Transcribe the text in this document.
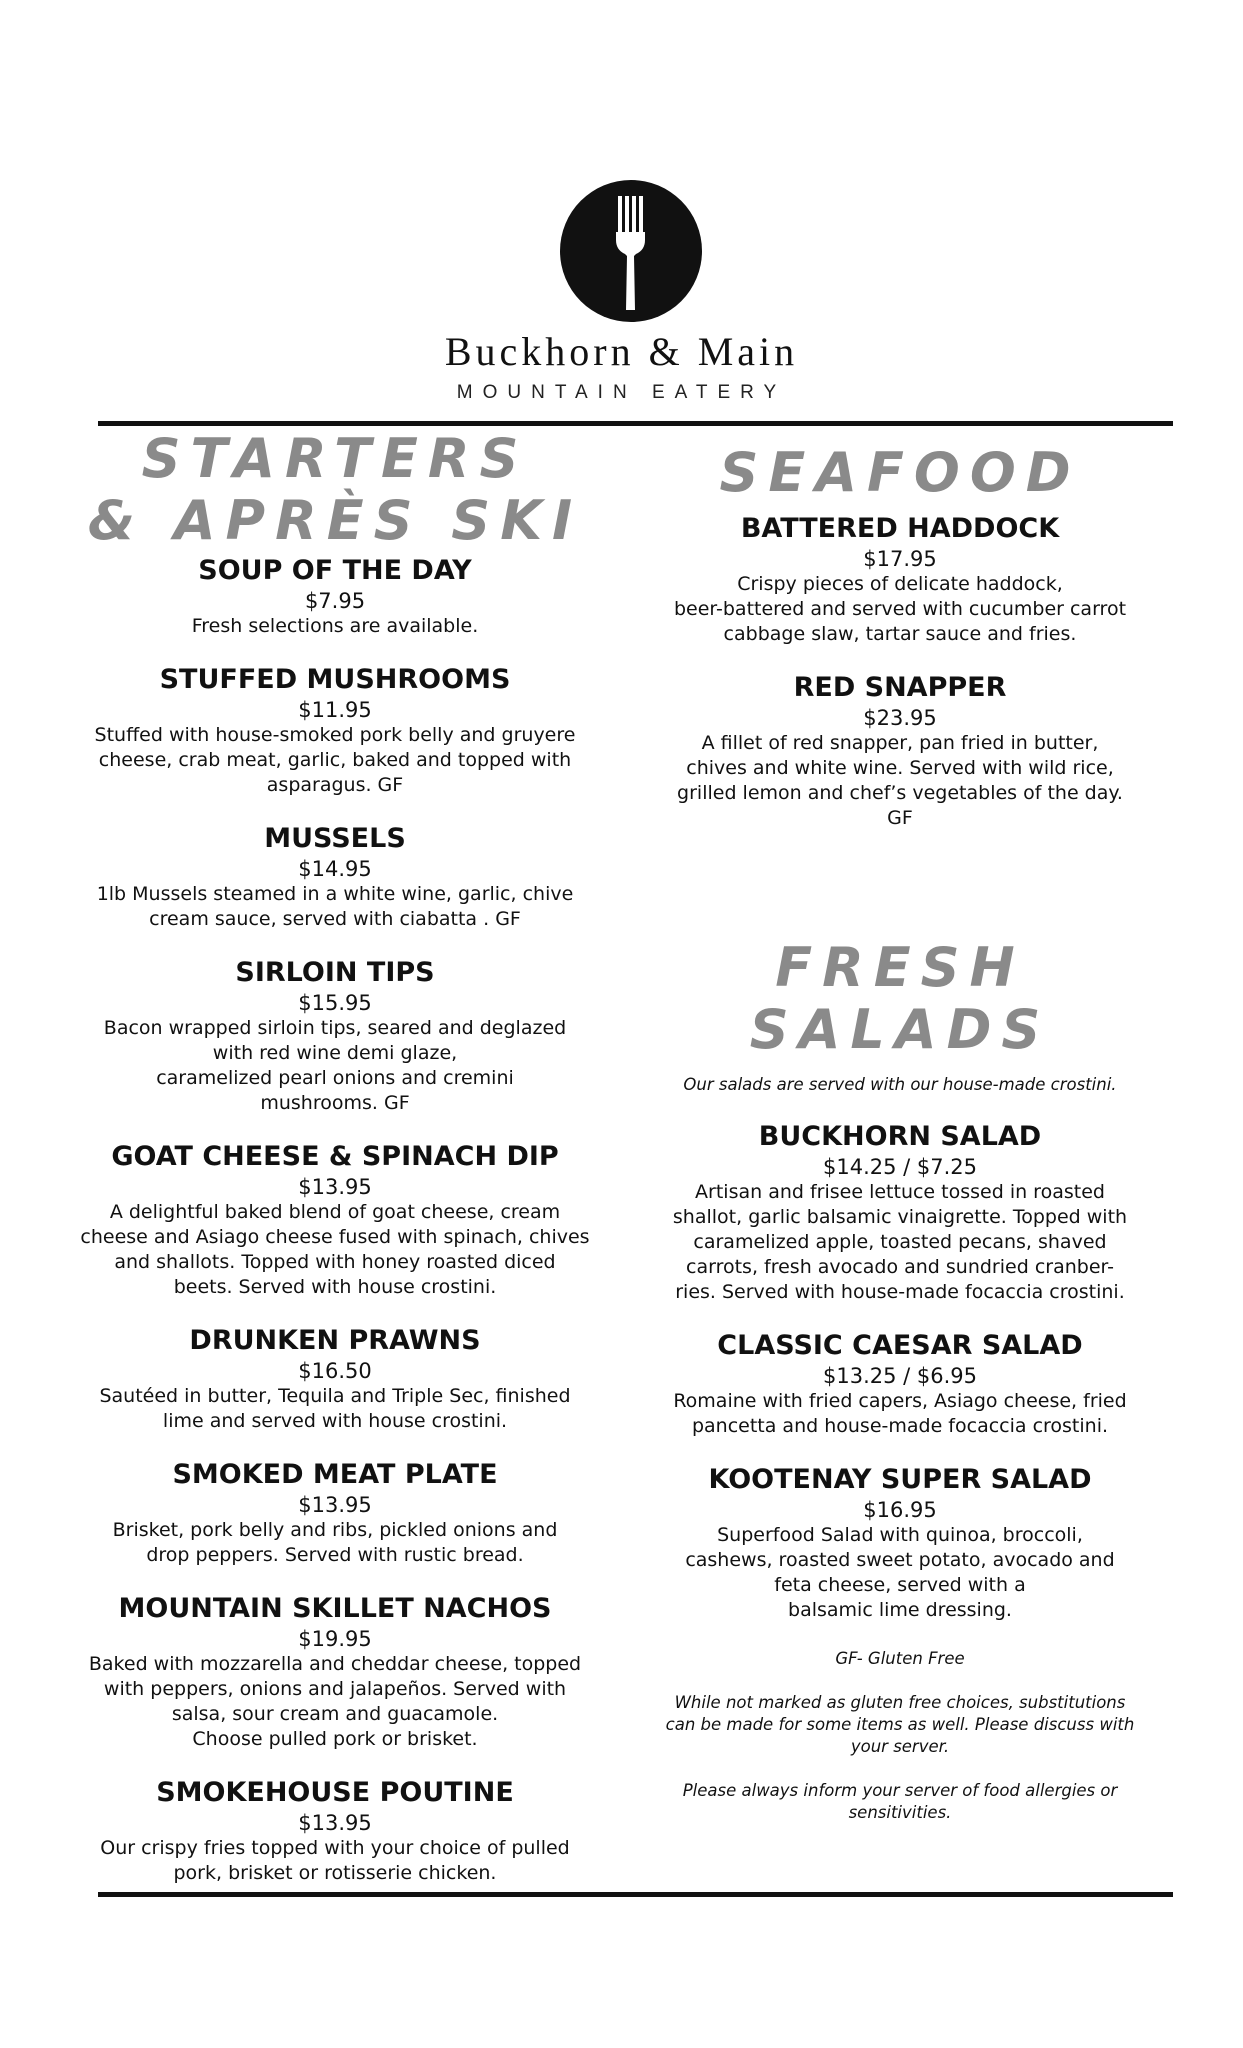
Buckhorn & Main
MOUNTAIN EATERY
STARTERS
& APRÈS SKI
SOUP OF THE DAY
$7.95
Fresh selections are available.
STUFFED MUSHROOMS
$11.95
Stuffed with house-smoked pork belly and gruyere
cheese, crab meat, garlic, baked and topped with
asparagus. GF
MUSSELS
$14.95
1lb Mussels steamed in a white wine, garlic, chive
cream sauce, served with ciabatta . GF
SIRLOIN TIPS
$15.95
Bacon wrapped sirloin tips, seared and deglazed
with red wine demi glaze,
caramelized pearl onions and cremini
mushrooms. GF
GOAT CHEESE & SPINACH DIP
$13.95
A delightful baked blend of goat cheese, cream
cheese and Asiago cheese fused with spinach, chives
and shallots. Topped with honey roasted diced
beets. Served with house crostini.
DRUNKEN PRAWNS
$16.50
Sautéed in butter, Tequila and Triple Sec, finished
lime and served with house crostini.
SMOKED MEAT PLATE
$13.95
Brisket, pork belly and ribs, pickled onions and
drop peppers. Served with rustic bread.
MOUNTAIN SKILLET NACHOS
$19.95
Baked with mozzarella and cheddar cheese, topped
with peppers, onions and jalapeños. Served with
salsa, sour cream and guacamole.
Choose pulled pork or brisket.
SMOKEHOUSE POUTINE
$13.95
Our crispy fries topped with your choice of pulled
pork, brisket or rotisserie chicken.
SEAFOOD
BATTERED HADDOCK
$17.95
Crispy pieces of delicate haddock,
beer-battered and served with cucumber carrot
cabbage slaw, tartar sauce and fries.
RED SNAPPER
$23.95
A fillet of red snapper, pan fried in butter,
chives and white wine. Served with wild rice,
grilled lemon and chef’s vegetables of the day.
GF
FRESH SALADS
Our salads are served with our house-made crostini.
BUCKHORN SALAD
$14.25 / $7.25
Artisan and frisee lettuce tossed in roasted
shallot, garlic balsamic vinaigrette. Topped with
caramelized apple, toasted pecans, shaved
carrots, fresh avocado and sundried cranber-
ries. Served with house-made focaccia crostini.
CLASSIC CAESAR SALAD
$13.25 / $6.95
Romaine with fried capers, Asiago cheese, fried
pancetta and house-made focaccia crostini.
KOOTENAY SUPER SALAD
$16.95
Superfood Salad with quinoa, broccoli,
cashews, roasted sweet potato, avocado and
feta cheese, served with a
balsamic lime dressing.

GF- Gluten Free

While not marked as gluten free choices, substitutions
can be made for some items as well. Please discuss with
your server.

Please always inform your server of food allergies or
sensitivities.
